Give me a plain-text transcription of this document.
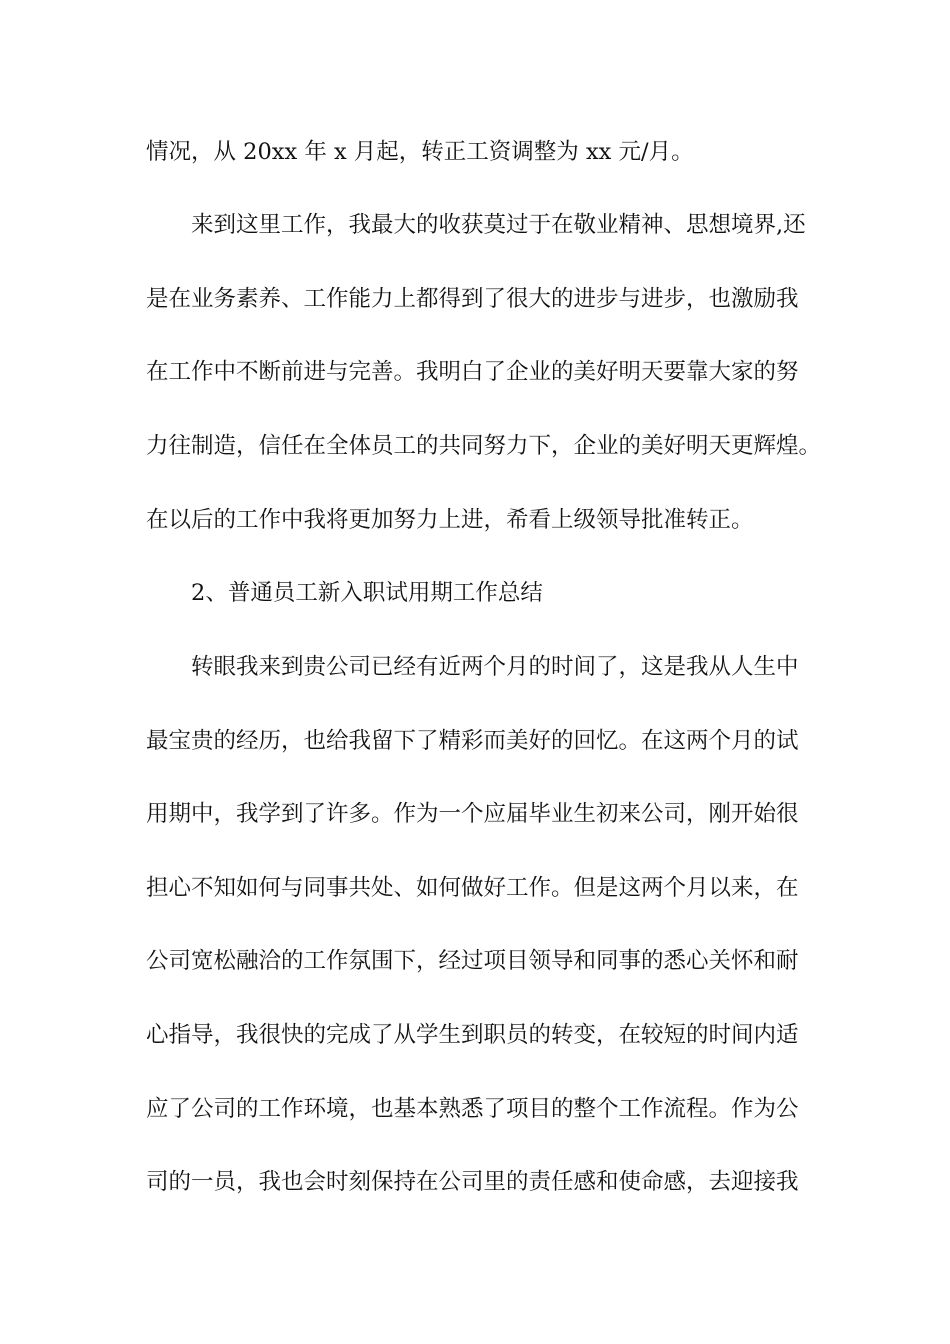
情况，从 20xx 年 x 月起，转正工资调整为 xx 元/月。
来到这里工作，我最大的收获莫过于在敬业精神、思想境界,还
是在业务素养、工作能力上都得到了很大的进步与进步，也激励我
在工作中不断前进与完善。我明白了企业的美好明天要靠大家的努
力往制造，信任在全体员工的共同努力下，企业的美好明天更辉煌。
在以后的工作中我将更加努力上进，希看上级领导批准转正。
2、普通员工新入职试用期工作总结
转眼我来到贵公司已经有近两个月的时间了，这是我从人生中
最宝贵的经历，也给我留下了精彩而美好的回忆。在这两个月的试
用期中，我学到了许多。作为一个应届毕业生初来公司，刚开始很
担心不知如何与同事共处、如何做好工作。但是这两个月以来，在
公司宽松融洽的工作氛围下，经过项目领导和同事的悉心关怀和耐
心指导，我很快的完成了从学生到职员的转变，在较短的时间内适
应了公司的工作环境，也基本熟悉了项目的整个工作流程。作为公
司的一员，我也会时刻保持在公司里的责任感和使命感，去迎接我
